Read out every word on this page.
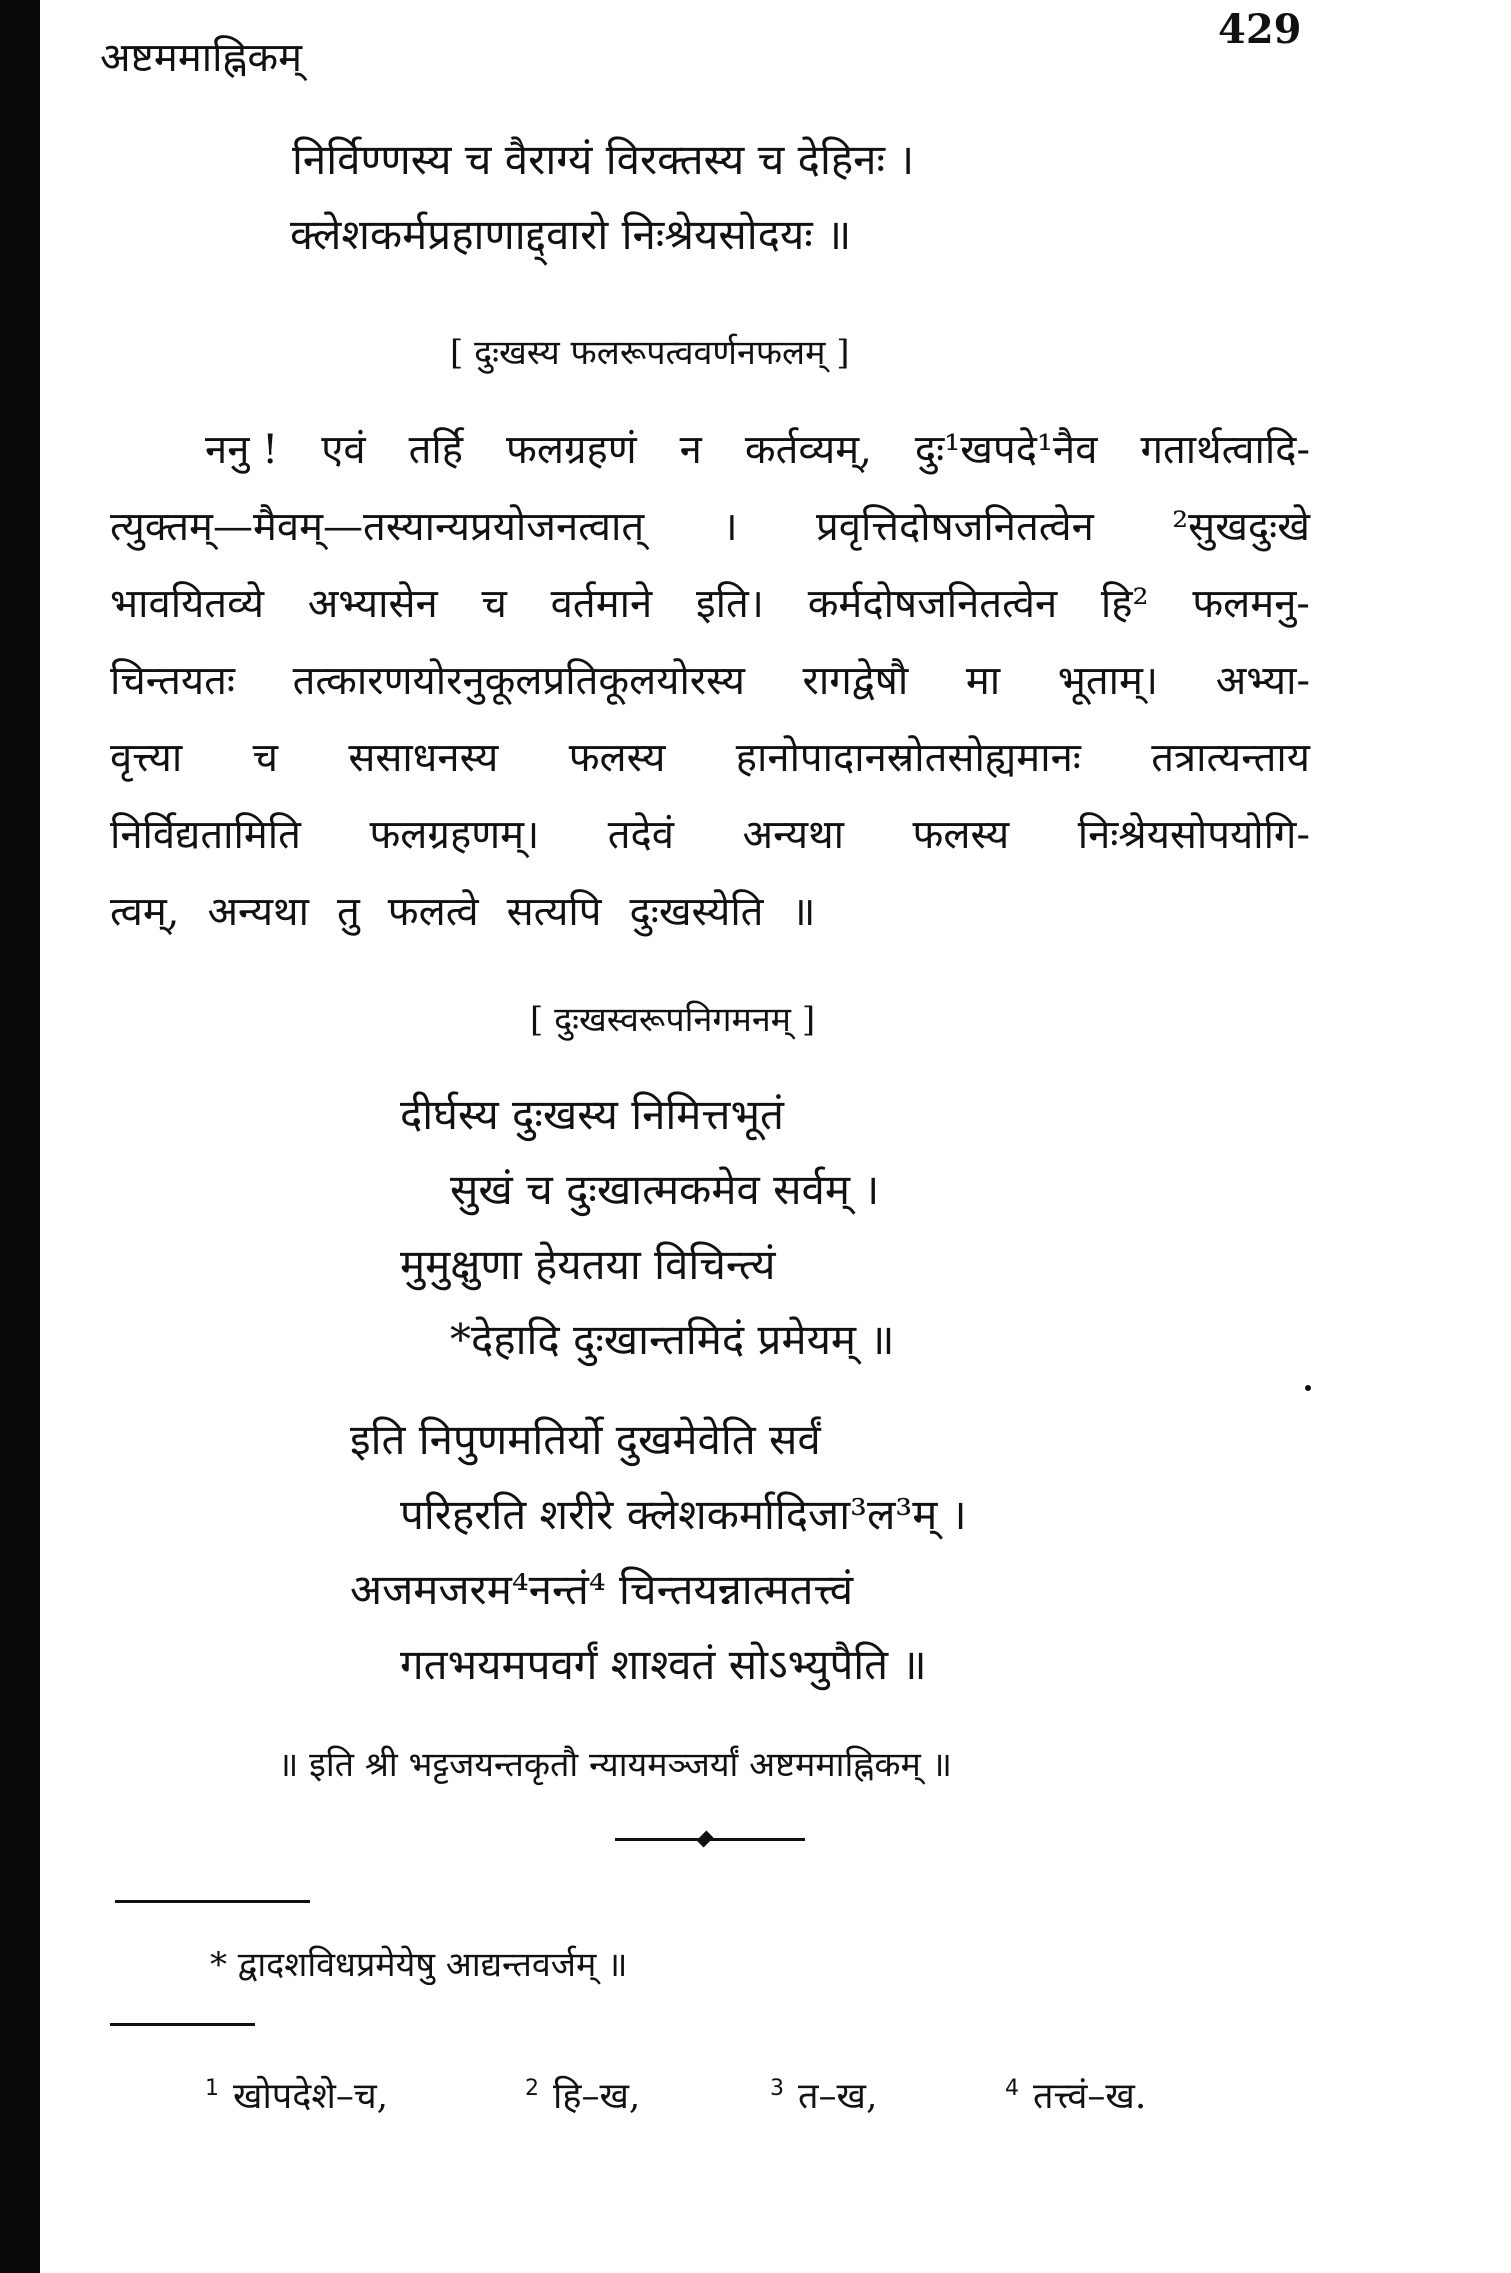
अष्टममाह्निकम्
429
निर्विण्णस्य च वैराग्यं विरक्तस्य च देहिनः ।
क्लेशकर्मप्रहाणाद्द्वारो निःश्रेयसोदयः ॥
[ दुःखस्य फलरूपत्ववर्णनफलम् ]
ननु ! एवं तर्हि फलग्रहणं न कर्तव्यम्, दुः¹खपदे¹नैव गतार्थत्वादि-
त्युक्तम्—मैवम्—तस्यान्यप्रयोजनत्वात् । प्रवृत्तिदोषजनितत्वेन ²सुखदुःखे
भावयितव्ये अभ्यासेन च वर्तमाने इति। कर्मदोषजनितत्वेन हि² फलमनु-
चिन्तयतः तत्कारणयोरनुकूलप्रतिकूलयोरस्य रागद्वेषौ मा भूताम्। अभ्या-
वृत्त्या च ससाधनस्य फलस्य हानोपादानस्रोतसोह्यमानः तत्रात्यन्ताय
निर्विद्यतामिति फलग्रहणम्। तदेवं अन्यथा फलस्य निःश्रेयसोपयोगि-
त्वम्, अन्यथा तु फलत्वे सत्यपि दुःखस्येति ॥
[ दुःखस्वरूपनिगमनम् ]
दीर्घस्य दुःखस्य निमित्तभूतं
सुखं च दुःखात्मकमेव सर्वम् ।
मुमुक्षुणा हेयतया विचिन्त्यं
*देहादि दुःखान्तमिदं प्रमेयम् ॥
इति निपुणमतिर्यो दुखमेवेति सर्वं
परिहरति शरीरे क्लेशकर्मादिजा³ल³म् ।
अजमजरम⁴नन्तं⁴ चिन्तयन्नात्मतत्त्वं
गतभयमपवर्गं शाश्वतं सोऽभ्युपैति ॥
॥ इति श्री भट्टजयन्तकृतौ न्यायमञ्जर्यां अष्टममाह्निकम् ॥
* द्वादशविधप्रमेयेषु आद्यन्तवर्जम् ॥
$^1$ खोपदेशे–च,	$^2$ हि–ख,	$^3$ त–ख,	$^4$ तत्त्वं–ख.
